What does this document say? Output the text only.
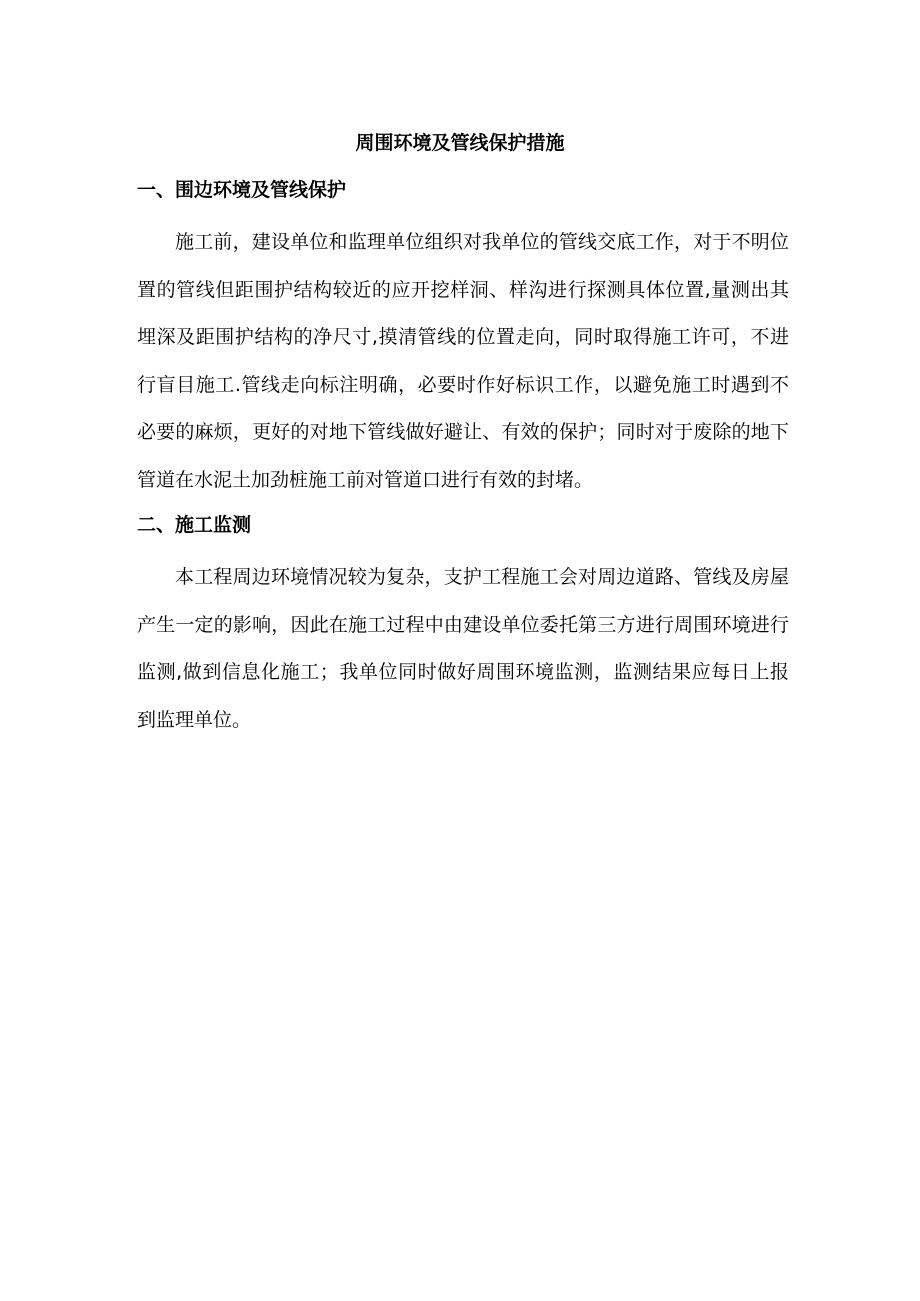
周围环境及管线保护措施

一、围边环境及管线保护

施工前，建设单位和监理单位组织对我单位的管线交底工作，对于不明位置的管线但距围护结构较近的应开挖样洞、样沟进行探测具体位置,量测出其埋深及距围护结构的净尺寸,摸清管线的位置走向，同时取得施工许可，不进行盲目施工.管线走向标注明确，必要时作好标识工作，以避免施工时遇到不必要的麻烦，更好的对地下管线做好避让、有效的保护；同时对于废除的地下管道在水泥土加劲桩施工前对管道口进行有效的封堵。

二、施工监测

本工程周边环境情况较为复杂，支护工程施工会对周边道路、管线及房屋产生一定的影响，因此在施工过程中由建设单位委托第三方进行周围环境进行监测,做到信息化施工；我单位同时做好周围环境监测，监测结果应每日上报到监理单位。
